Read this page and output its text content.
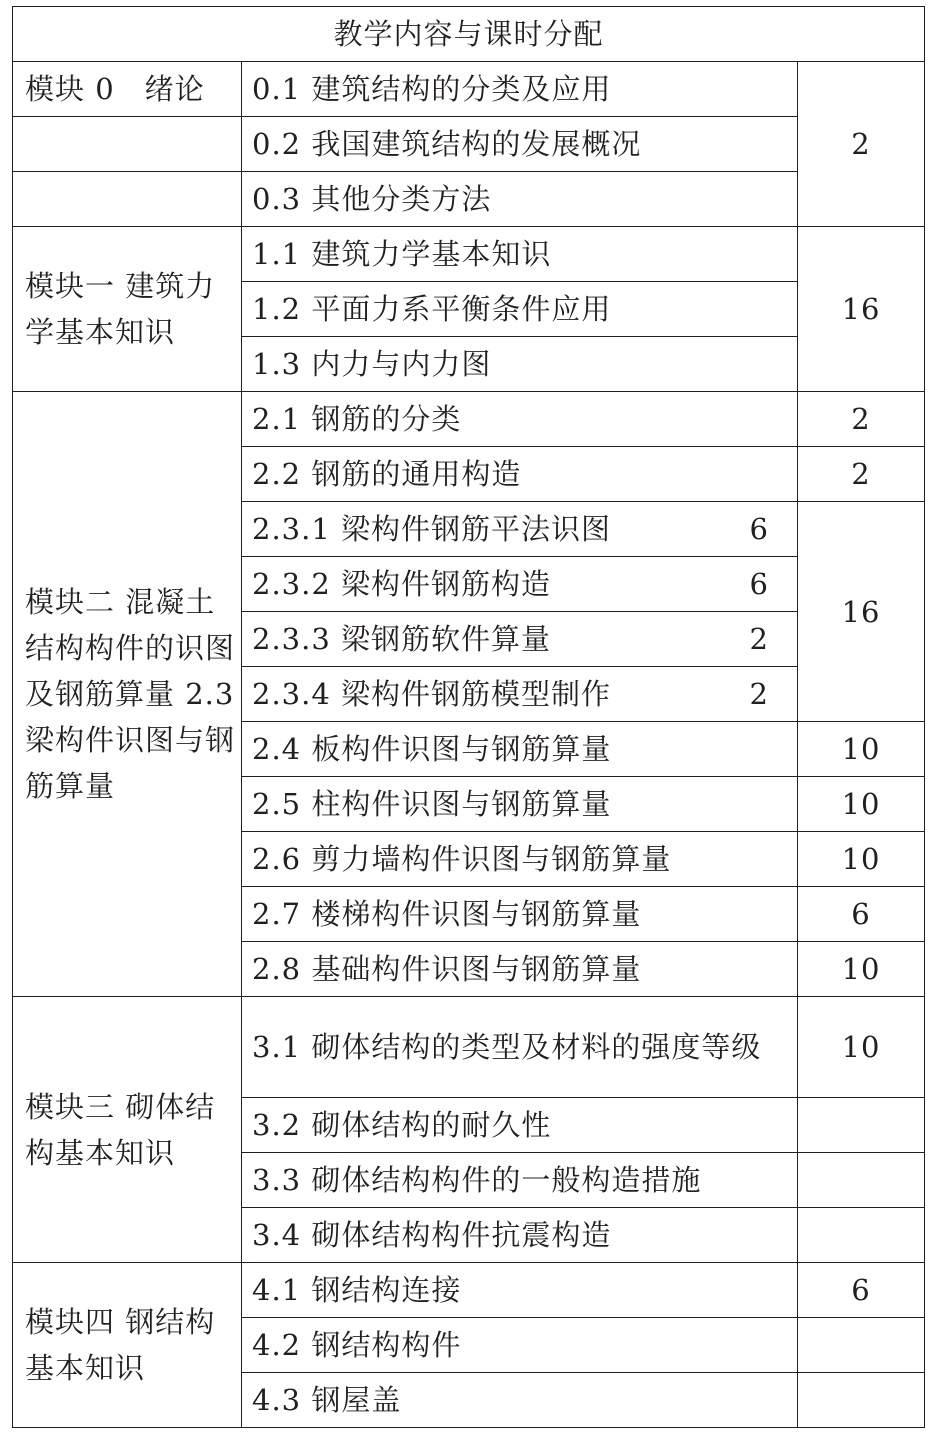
教学内容与课时分配		
模块 0　绪论	0.1 建筑结构的分类及应用	2
	0.2 我国建筑结构的发展概况	
	0.3 其他分类方法	

模块一 建筑力学基本知识	1.1 建筑力学基本知识	16
	1.2 平面力系平衡条件应用	
	1.3 内力与内力图	

模块二 混凝土结构构件的识图及钢筋算量 2.3 梁构件识图与钢筋算量	2.1 钢筋的分类	2
	2.2 钢筋的通用构造	2
	2.3.1 梁构件钢筋平法识图 6	16
	2.3.2 梁构件钢筋构造 6	

	2.3.3 梁钢筋软件算量 2	

	2.3.4 梁构件钢筋模型制作 2	

	2.4 板构件识图与钢筋算量	10
	2.5 柱构件识图与钢筋算量	10
	2.6 剪力墙构件识图与钢筋算量	10
	2.7 楼梯构件识图与钢筋算量	6
	2.8 基础构件识图与钢筋算量	10

模块三 砌体结构基本知识	3.1 砌体结构的类型及材料的强度等级	10
	3.2 砌体结构的耐久性	
	3.3 砌体结构构件的一般构造措施	
	3.4 砌体结构构件抗震构造	

模块四 钢结构基本知识	4.1 钢结构连接	6
	4.2 钢结构构件	
	4.3 钢屋盖	
